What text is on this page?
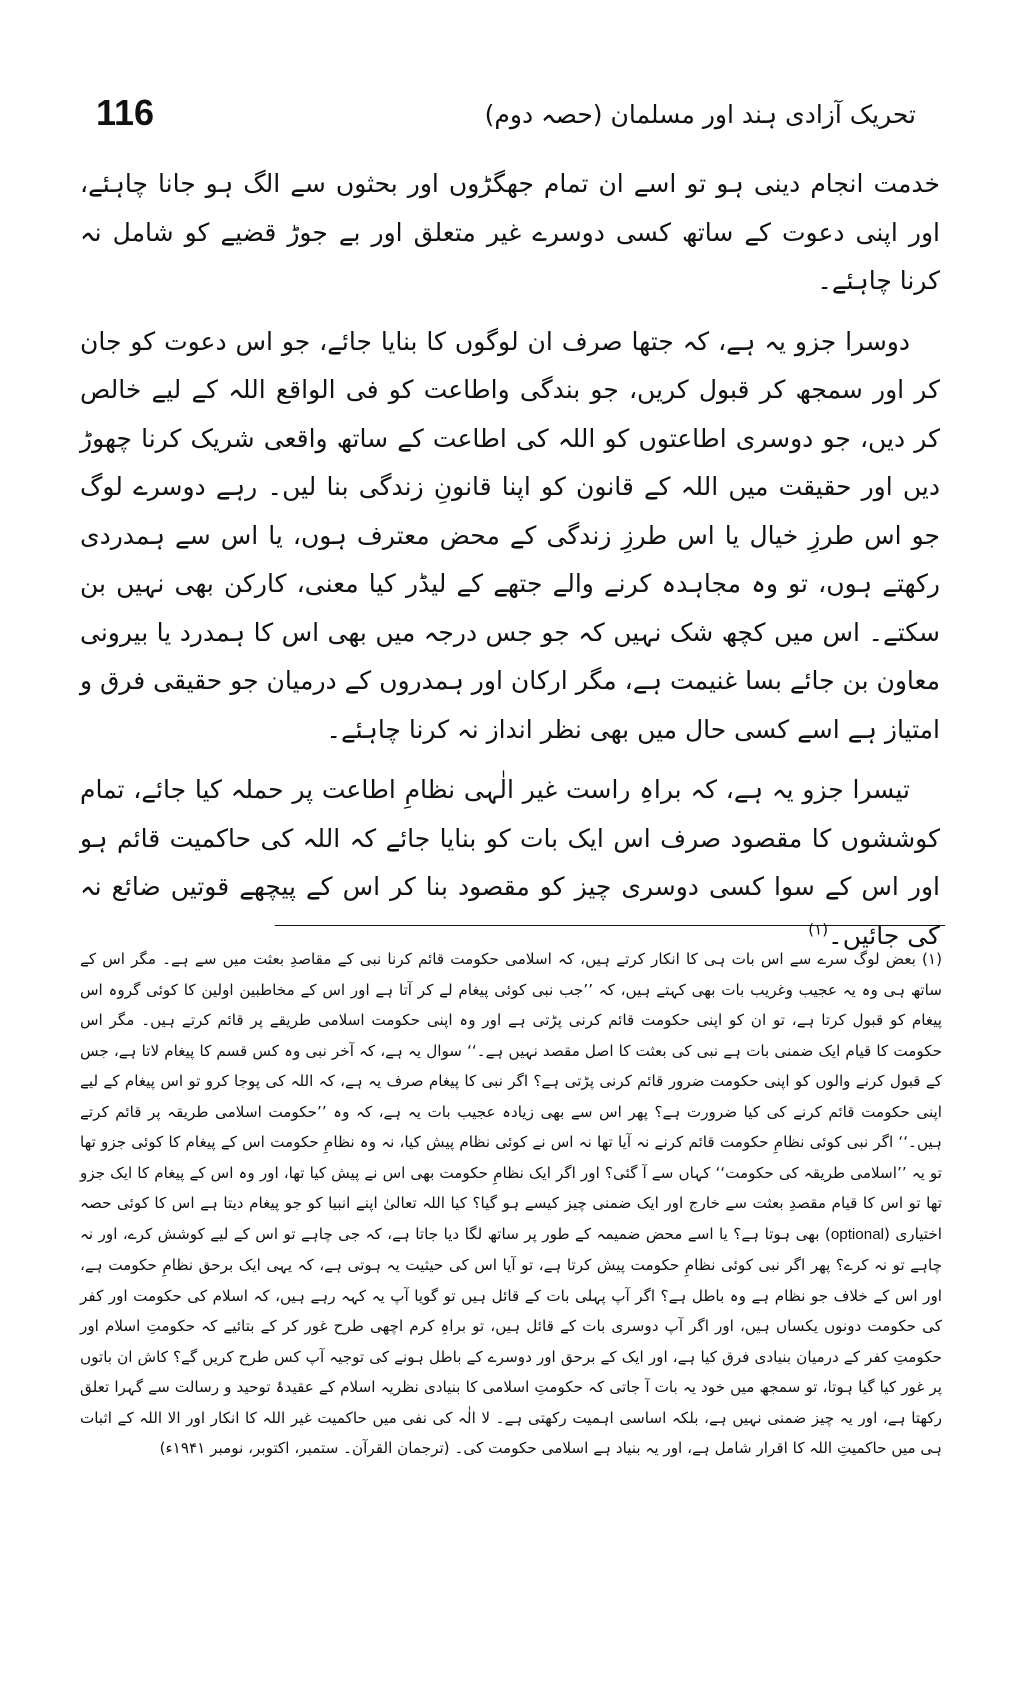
116	تحریک آزادی ہند اور مسلمان (حصہ دوم)

خدمت انجام دینی ہو تو اسے ان تمام جھگڑوں اور بحثوں سے الگ ہو جانا چاہئے، اور اپنی دعوت کے ساتھ کسی دوسرے غیر متعلق اور بے جوڑ قضیے کو شامل نہ کرنا چاہئے۔

دوسرا جزو یہ ہے، کہ جتھا صرف ان لوگوں کا بنایا جائے، جو اس دعوت کو جان کر اور سمجھ کر قبول کریں، جو بندگی واطاعت کو فی الواقع اللہ کے لیے خالص کر دیں، جو دوسری اطاعتوں کو اللہ کی اطاعت کے ساتھ واقعی شریک کرنا چھوڑ دیں اور حقیقت میں اللہ کے قانون کو اپنا قانونِ زندگی بنا لیں۔ رہے دوسرے لوگ جو اس طرزِ خیال یا اس طرزِ زندگی کے محض معترف ہوں، یا اس سے ہمدردی رکھتے ہوں، تو وہ مجاہدہ کرنے والے جتھے کے لیڈر کیا معنی، کارکن بھی نہیں بن سکتے۔ اس میں کچھ شک نہیں کہ جو جس درجہ میں بھی اس کا ہمدرد یا بیرونی معاون بن جائے بسا غنیمت ہے، مگر ارکان اور ہمدروں کے درمیان جو حقیقی فرق و امتیاز ہے اسے کسی حال میں بھی نظر انداز نہ کرنا چاہئے۔

تیسرا جزو یہ ہے، کہ براہِ راست غیر الٰہی نظامِ اطاعت پر حملہ کیا جائے، تمام کوششوں کا مقصود صرف اس ایک بات کو بنایا جائے کہ اللہ کی حاکمیت قائم ہو اور اس کے سوا کسی دوسری چیز کو مقصود بنا کر اس کے پیچھے قوتیں ضائع نہ کی جائیں۔$^{(۱)}$

(۱) بعض لوگ سرے سے اس بات ہی کا انکار کرتے ہیں، کہ اسلامی حکومت قائم کرنا نبی کے مقاصدِ بعثت میں سے ہے۔ مگر اس کے ساتھ ہی وہ یہ عجیب وغریب بات بھی کہتے ہیں، کہ ’’جب نبی کوئی پیغام لے کر آتا ہے اور اس کے مخاطبین اولین کا کوئی گروہ اس پیغام کو قبول کرتا ہے، تو ان کو اپنی حکومت قائم کرنی پڑتی ہے اور وہ اپنی حکومت اسلامی طریقے پر قائم کرتے ہیں۔ مگر اس حکومت کا قیام ایک ضمنی بات ہے نبی کی بعثت کا اصل مقصد نہیں ہے۔‘‘ سوال یہ ہے، کہ آخر نبی وہ کس قسم کا پیغام لاتا ہے، جس کے قبول کرنے والوں کو اپنی حکومت ضرور قائم کرنی پڑتی ہے؟ اگر نبی کا پیغام صرف یہ ہے، کہ اللہ کی پوجا کرو تو اس پیغام کے لیے اپنی حکومت قائم کرنے کی کیا ضرورت ہے؟ پھر اس سے بھی زیادہ عجیب بات یہ ہے، کہ وہ ’’حکومت اسلامی طریقہ پر قائم کرتے ہیں۔‘‘ اگر نبی کوئی نظامِ حکومت قائم کرنے نہ آیا تھا نہ اس نے کوئی نظام پیش کیا، نہ وہ نظامِ حکومت اس کے پیغام کا کوئی جزو تھا تو یہ ’’اسلامی طریقہ کی حکومت‘‘ کہاں سے آ گئی؟ اور اگر ایک نظامِ حکومت بھی اس نے پیش کیا تھا، اور وہ اس کے پیغام کا ایک جزو تھا تو اس کا قیام مقصدِ بعثت سے خارج اور ایک ضمنی چیز کیسے ہو گیا؟ کیا اللہ تعالیٰ اپنے انبیا کو جو پیغام دیتا ہے اس کا کوئی حصہ اختیاری (optional) بھی ہوتا ہے؟ یا اسے محض ضمیمہ کے طور پر ساتھ لگا دیا جاتا ہے، کہ جی چاہے تو اس کے لیے کوشش کرے، اور نہ چاہے تو نہ کرے؟ پھر اگر نبی کوئی نظامِ حکومت پیش کرتا ہے، تو آیا اس کی حیثیت یہ ہوتی ہے، کہ یہی ایک برحق نظامِ حکومت ہے، اور اس کے خلاف جو نظام ہے وہ باطل ہے؟ اگر آپ پہلی بات کے قائل ہیں تو گویا آپ یہ کہہ رہے ہیں، کہ اسلام کی حکومت اور کفر کی حکومت دونوں یکساں ہیں، اور اگر آپ دوسری بات کے قائل ہیں، تو براہِ کرم اچھی طرح غور کر کے بتائیے کہ حکومتِ اسلام اور حکومتِ کفر کے درمیان بنیادی فرق کیا ہے، اور ایک کے برحق اور دوسرے کے باطل ہونے کی توجیہ آپ کس طرح کریں گے؟ کاش ان باتوں پر غور کیا گیا ہوتا، تو سمجھ میں خود یہ بات آ جاتی کہ حکومتِ اسلامی کا بنیادی نظریہ اسلام کے عقیدۂ توحید و رسالت سے گہرا تعلق رکھتا ہے، اور یہ چیز ضمنی نہیں ہے، بلکہ اساسی اہمیت رکھتی ہے۔ لا الٰہ کی نفی میں حاکمیت غیر اللہ کا انکار اور الا اللہ کے اثبات ہی میں حاکمیتِ اللہ کا اقرار شامل ہے، اور یہ بنیاد ہے اسلامی حکومت کی۔ (ترجمان القرآن۔ ستمبر، اکتوبر، نومبر ۱۹۴۱ء)
